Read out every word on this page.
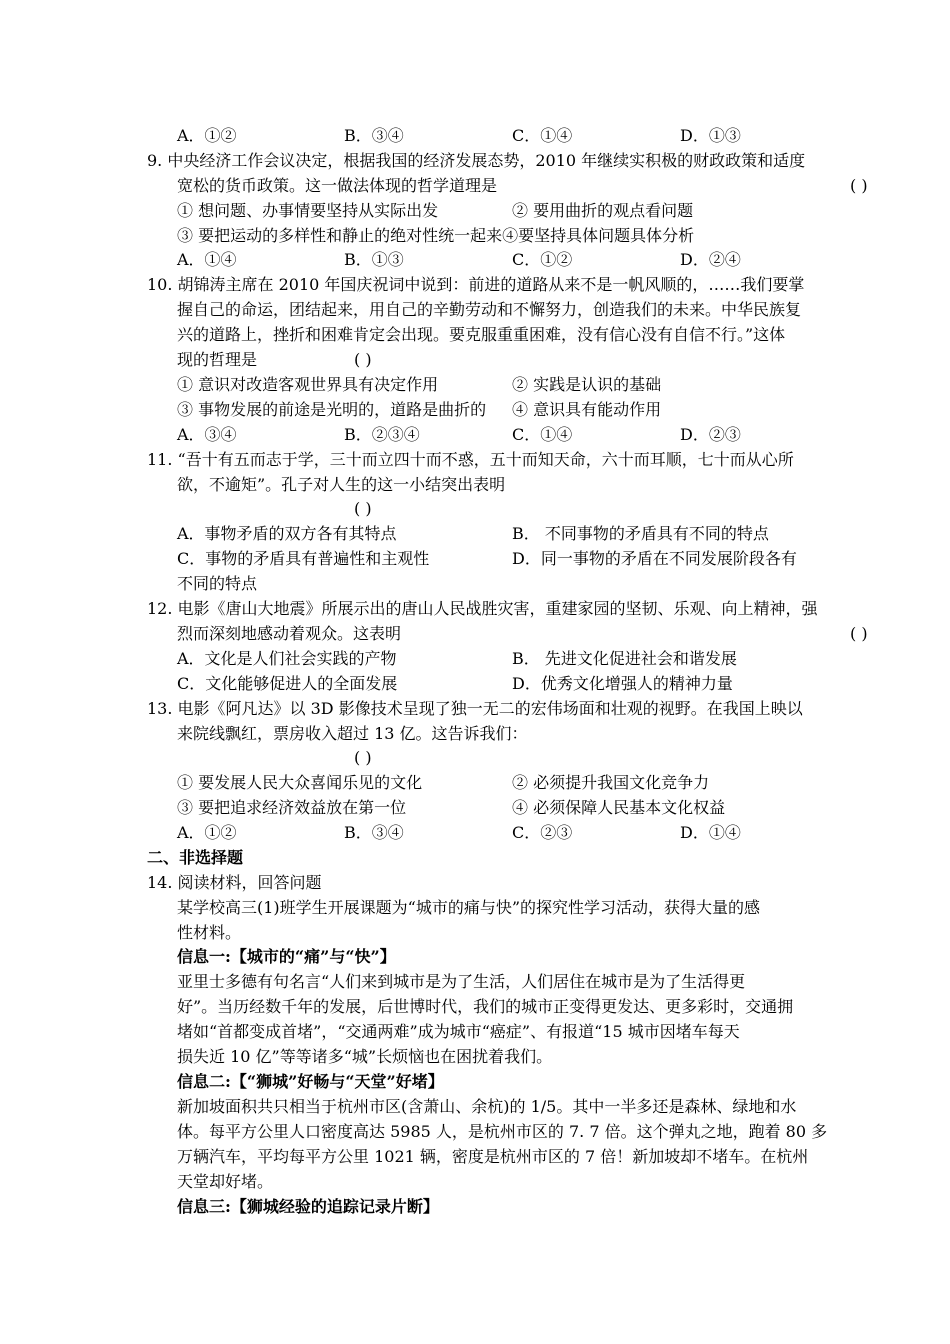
A．①②	B．③④	C．①④	D．①③
9. 中央经济工作会议决定，根据我国的经济发展态势，2010 年继续实积极的财政政策和适度
宽松的货币政策。这一做法体现的哲学道理是	( )
① 想问题、办事情要坚持从实际出发	② 要用曲折的观点看问题
③ 要把运动的多样性和静止的绝对性统一起来④要坚持具体问题具体分析
A．①④	B．①③	C．①②	D．②④
10. 胡锦涛主席在 2010 年国庆祝词中说到：前进的道路从来不是一帆风顺的，……我们要掌
握自己的命运，团结起来，用自己的辛勤劳动和不懈努力，创造我们的未来。中华民族复
兴的道路上，挫折和困难肯定会出现。要克服重重困难，没有信心没有自信不行。”这体
现的哲理是	( )
① 意识对改造客观世界具有决定作用	② 实践是认识的基础
③ 事物发展的前途是光明的，道路是曲折的 ④ 意识具有能动作用
A．③④	B．②③④	C．①④	D．②③
11. “吾十有五而志于学，三十而立四十而不惑，五十而知天命，六十而耳顺，七十而从心所
欲，不逾矩”。孔子对人生的这一小结突出表明
( )
A．事物矛盾的双方各有其特点	B． 不同事物的矛盾具有不同的特点
C．事物的矛盾具有普遍性和主观性	D．同一事物的矛盾在不同发展阶段各有
不同的特点
12. 电影《唐山大地震》所展示出的唐山人民战胜灾害，重建家园的坚韧、乐观、向上精神，强
烈而深刻地感动着观众。这表明	( )
A．文化是人们社会实践的产物	B． 先进文化促进社会和谐发展
C．文化能够促进人的全面发展	D．优秀文化增强人的精神力量
13. 电影《阿凡达》以 3D 影像技术呈现了独一无二的宏伟场面和壮观的视野。在我国上映以
来院线飘红，票房收入超过 13 亿。这告诉我们：
( )
① 要发展人民大众喜闻乐见的文化	② 必须提升我国文化竞争力
③ 要把追求经济效益放在第一位	④ 必须保障人民基本文化权益
A．①②	B．③④	C．②③	D．①④
二、非选择题
14. 阅读材料，回答问题
某学校高三(1)班学生开展课题为“城市的痛与快”的探究性学习活动，获得大量的感
性材料。
信息一:【城市的“痛”与“快”】
亚里士多德有句名言“人们来到城市是为了生活，人们居住在城市是为了生活得更
好”。当历经数千年的发展，后世博时代，我们的城市正变得更发达、更多彩时，交通拥
堵如“首都变成首堵”，“交通两难”成为城市“癌症”、有报道“15 城市因堵车每天
损失近 10 亿”等等诸多“城”长烦恼也在困扰着我们。
信息二:【“狮城”好畅与“天堂”好堵】
新加坡面积共只相当于杭州市区(含萧山、余杭)的 1/5。其中一半多还是森林、绿地和水
体。每平方公里人口密度高达 5985 人，是杭州市区的 7. 7 倍。这个弹丸之地，跑着 80 多
万辆汽车，平均每平方公里 1021 辆，密度是杭州市区的 7 倍！新加坡却不堵车。在杭州
天堂却好堵。
信息三:【狮城经验的追踪记录片断】
